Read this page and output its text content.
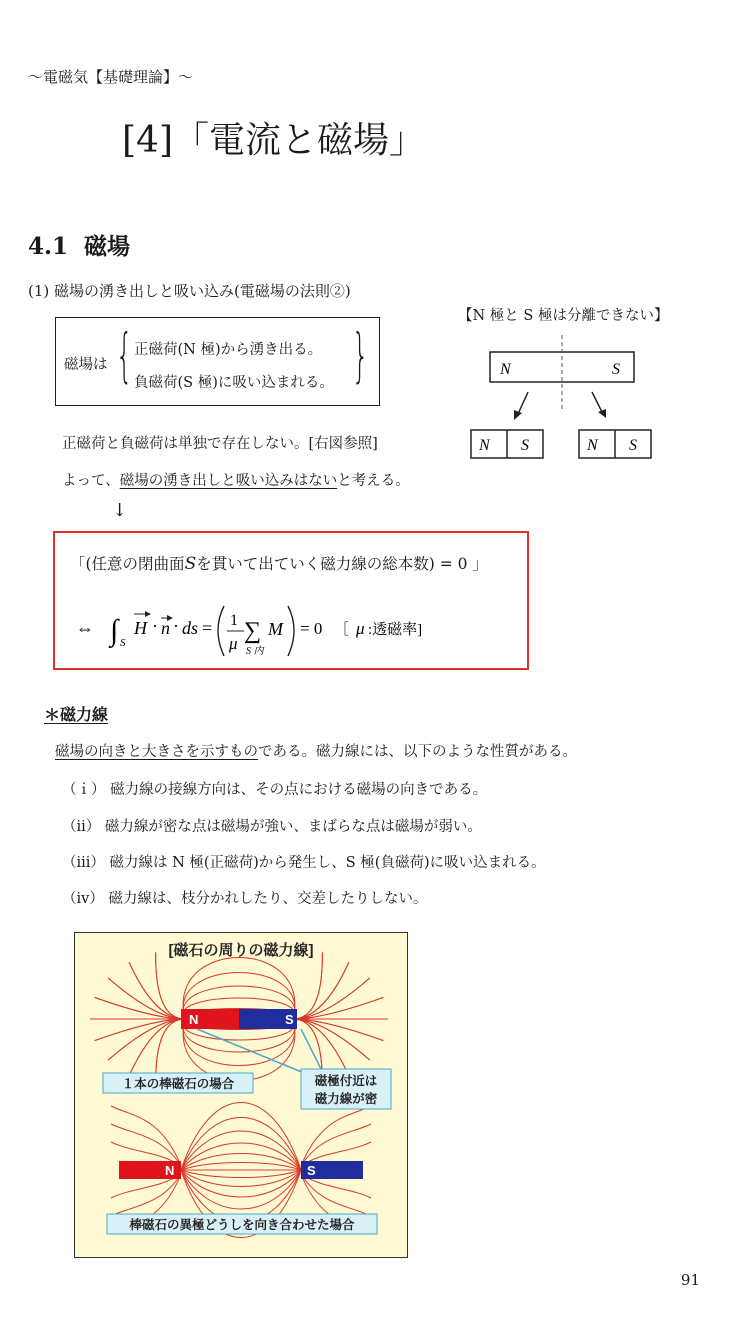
～電磁気【基礎理論】～
[4]「電流と磁場」
4.1 磁場
(1) 磁場の湧き出しと吸い込み(電磁場の法則②)
磁場は {	}
正磁荷(N 極)から湧き出る。
負磁荷(S 極)に吸い込まれる。
【N 極と S 極は分離できない】
N	S
N S	N S
正磁荷と負磁荷は単独で存在しない。[右図参照]
よって、磁場の湧き出しと吸い込みはないと考える。
↓
「(任意の閉曲面Sを貫いて出ていく磁力線の総本数) = 0 」
⇔ ∫ S
H · n · ds = 1
μ ∑
S 内
M = 0 ［ μ :透磁率]
＊磁力線
磁場の向きと大きさを示すものである。磁力線には、以下のような性質がある。
（ｉ） 磁力線の接線方向は、その点における磁場の向きである。
（ii） 磁力線が密な点は磁場が強い、まばらな点は磁場が弱い。
（iii） 磁力線は N 極(正磁荷)から発生し、S 極(負磁荷)に吸い込まれる。
（iv） 磁力線は、枝分かれしたり、交差したりしない。
[磁石の周りの磁力線]
N	S
１本の棒磁石の場合	磁極付近は
磁力線が密
N	S
棒磁石の異極どうしを向き合わせた場合
91
